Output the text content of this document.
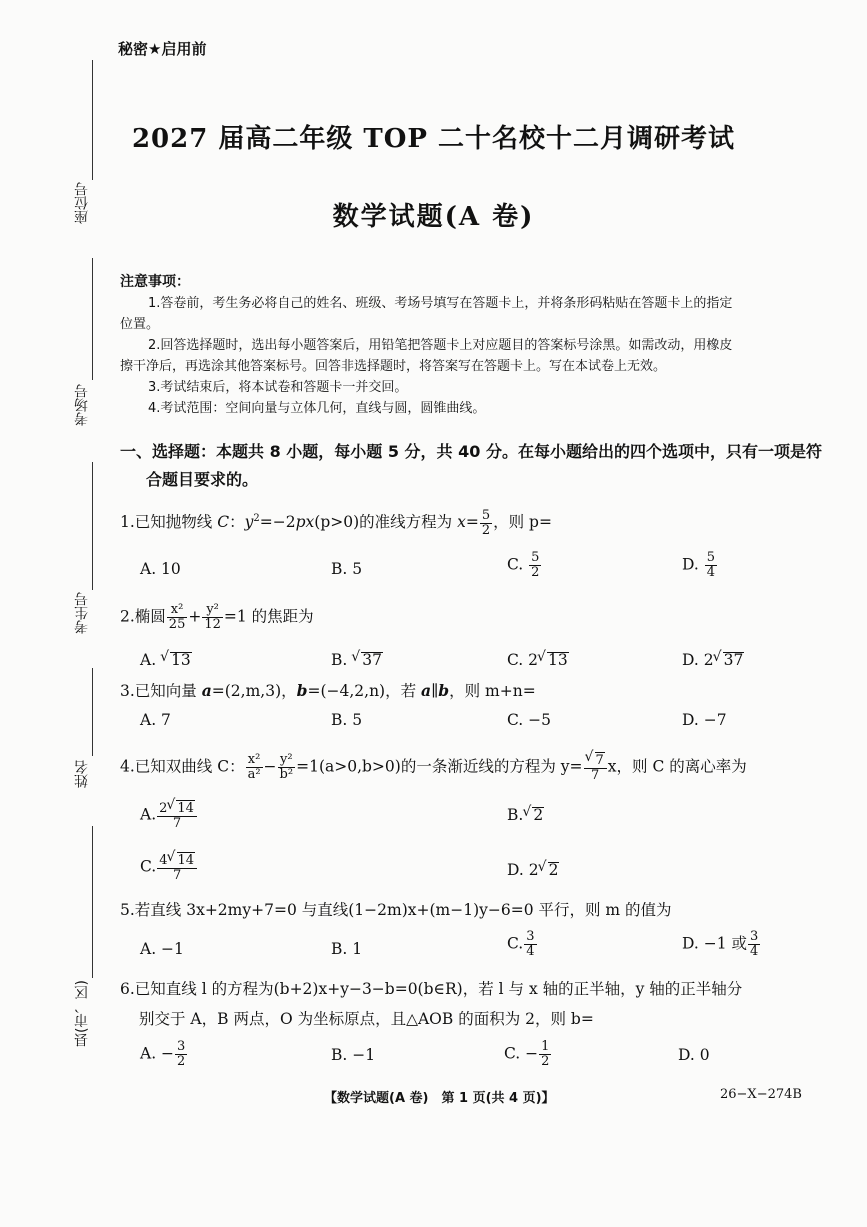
秘密★启用前
2027 届高二年级 TOP 二十名校十二月调研考试
数学试题(A 卷)
座位号
考场号
考生号
姓名
县(市、区)
注意事项：
1.答卷前，考生务必将自己的姓名、班级、考场号填写在答题卡上，并将条形码粘贴在答题卡上的指定
位置。
2.回答选择题时，选出每小题答案后，用铅笔把答题卡上对应题目的答案标号涂黑。如需改动，用橡皮
擦干净后，再选涂其他答案标号。回答非选择题时，将答案写在答题卡上。写在本试卷上无效。
3.考试结束后，将本试卷和答题卡一并交回。
4.考试范围：空间向量与立体几何，直线与圆，圆锥曲线。
一、选择题：本题共 8 小题，每小题 5 分，共 40 分。在每小题给出的四个选项中，只有一项是符
合题目要求的。
1.已知抛物线 C：$y^2=-2px(p>0)$的准线方程为 $x= \frac{5}{2}$ ，则 p=
A. 10	B. 5	C. $\frac{5}{2}$	D. $\frac{5}{4}$
2.椭圆 $\frac{\text{x²}}{25} + \frac{\text{y²}}{12} =1$ 的焦距为
A. √ 13	B. √ 37	C. 2 √ 13	D. 2 √ 37
3.已知向量 a=(2,m,3)，b=(−4,2,n)，若 a∥b，则 m+n=
A. 7	B. 5	C. −5	D. −7
4.已知双曲线 C： $\frac{\text{x²}}{\text{a²}} - \frac{\text{y²}}{\text{b²}} =1(a>0,b>0)$的一条渐近线的方程为 y= √ $\frac{7}{7}$ x，则 C 的离心率为
A. $\frac{2 √ 14}{7}$	B. √ 2
C. $\frac{4 √ 14}{7}$	D. 2 √ 2
5.若直线 3x+2my+7=0 与直线(1−2m)x+(m−1)y−6=0 平行，则 m 的值为
A. −1	B. 1	C. $\frac{3}{4}$	D. −1 或 $\frac{3}{4}$
6.已知直线 l 的方程为(b+2)x+y−3−b=0(b∈R)，若 l 与 x 轴的正半轴，y 轴的正半轴分
别交于 A，B 两点，O 为坐标原点，且△AOB 的面积为 2，则 b=
A. − $\frac{3}{2}$	B. −1	C. − $\frac{1}{2}$	D. 0
【数学试题(A 卷)　第 1 页(共 4 页)】	26−X−274B
